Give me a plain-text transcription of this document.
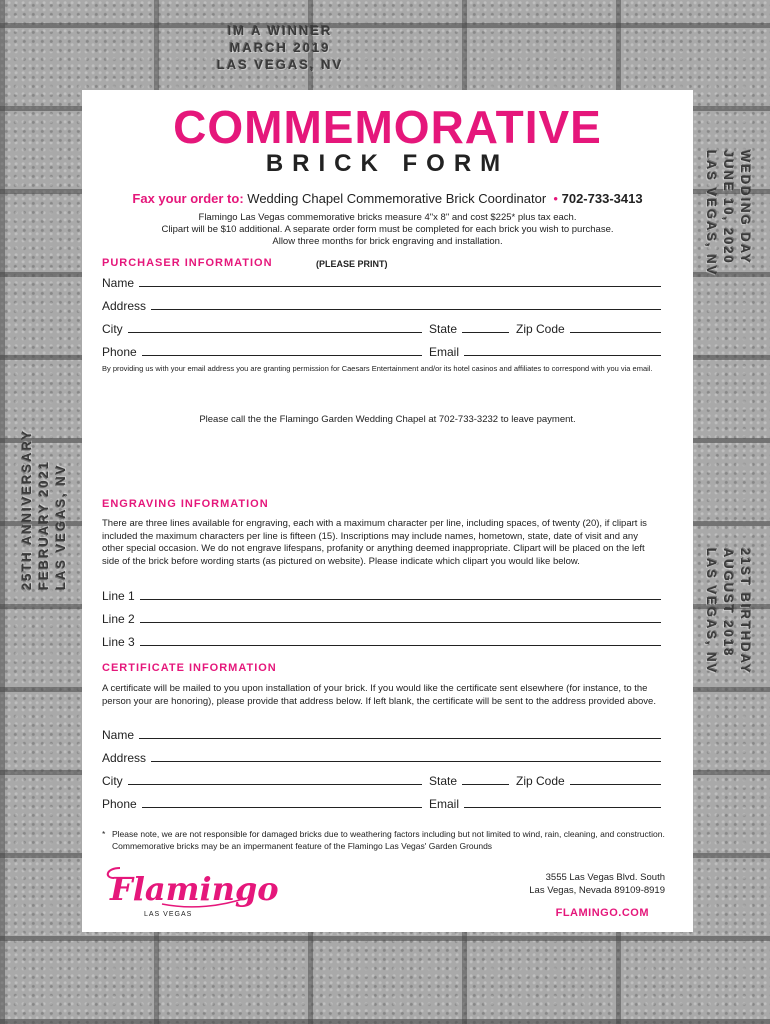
IM A WINNER
MARCH 2019
LAS VEGAS, NV
WEDDING DAY
JUNE 10, 2020
LAS VEGAS, NV
21ST BIRTHDAY
AUGUST 2018
LAS VEGAS, NV
25TH ANNIVERSARY FEBRUARY 2021 LAS VEGAS, NV
COMMEMORATIVE
BRICK FORM
Fax your order to: Wedding Chapel Commemorative Brick Coordinator • 702-733-3413
Flamingo Las Vegas commemorative bricks measure 4"x 8" and cost $225* plus tax each.
Clipart will be $10 additional. A separate order form must be completed for each brick you wish to purchase.
Allow three months for brick engraving and installation.
PURCHASER INFORMATION	(PLEASE PRINT)
Name
Address
City	State	Zip Code
Phone	Email
By providing us with your email address you are granting permission for Caesars Entertainment and/or its hotel casinos and affiliates to correspond with you via email.
Please call the the Flamingo Garden Wedding Chapel at 702-733-3232 to leave payment.
ENGRAVING INFORMATION
There are three lines available for engraving, each with a maximum character per line, including spaces, of twenty (20), if clipart is included the maximum characters per line is fifteen (15). Inscriptions may include names, hometown, state, date of visit and any other special occasion. We do not engrave lifespans, profanity or anything deemed inappropriate. Clipart will be placed on the left side of the brick before wording starts (as pictured on website). Please indicate which clipart you would like below.
Line 1
Line 2
Line 3
CERTIFICATE INFORMATION
A certificate will be mailed to you upon installation of your brick. If you would like the certificate sent elsewhere (for instance, to the person your are honoring), please provide that address below. If left blank, the certificate will be sent to the address provided above.
Name
Address
City	State	Zip Code
Phone	Email
* Please note, we are not responsible for damaged bricks due to weathering factors including but not limited to wind, rain, cleaning, and construction. Commemorative bricks may be an impermanent feature of the Flamingo Las Vegas' Garden Grounds
Flamingo
LAS VEGAS
3555 Las Vegas Blvd. South
Las Vegas, Nevada 89109-8919
FLAMINGO.COM
